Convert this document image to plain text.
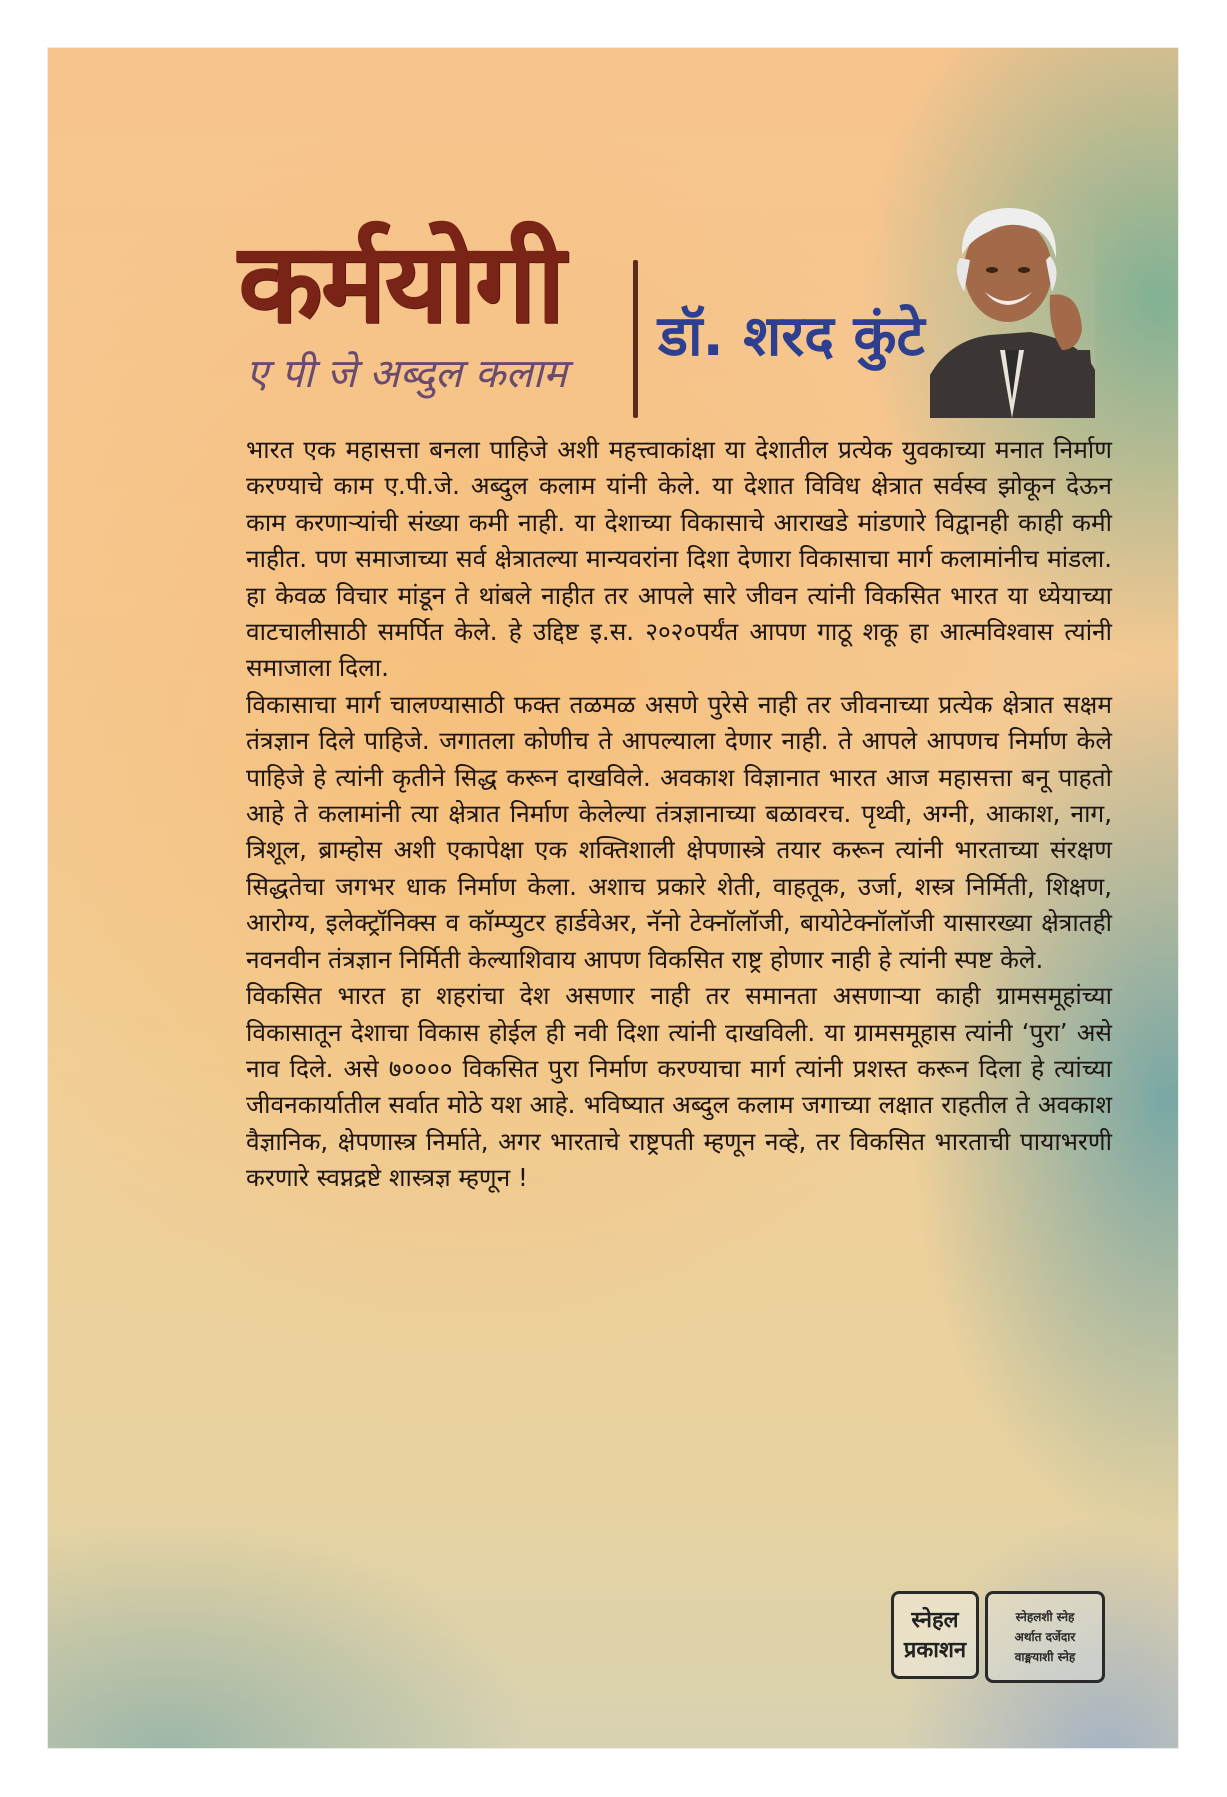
कर्मयोगी
ए पी जे अब्दुल कलाम
डॉ. शरद कुंटे

भारत एक महासत्ता बनला पाहिजे अशी महत्त्वाकांक्षा या देशातील प्रत्येक युवकाच्या मनात निर्माण करण्याचे काम ए.पी.जे. अब्दुल कलाम यांनी केले. या देशात विविध क्षेत्रात सर्वस्व झोकून देऊन काम करणाऱ्यांची संख्या कमी नाही. या देशाच्या विकासाचे आराखडे मांडणारे विद्वानही काही कमी नाहीत. पण समाजाच्या सर्व क्षेत्रातल्या मान्यवरांना दिशा देणारा विकासाचा मार्ग कलामांनीच मांडला. हा केवळ विचार मांडून ते थांबले नाहीत तर आपले सारे जीवन त्यांनी विकसित भारत या ध्येयाच्या वाटचालीसाठी समर्पित केले. हे उद्दिष्ट इ.स. २०२०पर्यंत आपण गाठू शकू हा आत्मविश्वास त्यांनी समाजाला दिला.

विकासाचा मार्ग चालण्यासाठी फक्त तळमळ असणे पुरेसे नाही तर जीवनाच्या प्रत्येक क्षेत्रात सक्षम तंत्रज्ञान दिले पाहिजे. जगातला कोणीच ते आपल्याला देणार नाही. ते आपले आपणच निर्माण केले पाहिजे हे त्यांनी कृतीने सिद्ध करून दाखविले. अवकाश विज्ञानात भारत आज महासत्ता बनू पाहतो आहे ते कलामांनी त्या क्षेत्रात निर्माण केलेल्या तंत्रज्ञानाच्या बळावरच. पृथ्वी, अग्नी, आकाश, नाग, त्रिशूल, ब्राम्होस अशी एकापेक्षा एक शक्तिशाली क्षेपणास्त्रे तयार करून त्यांनी भारताच्या संरक्षण सिद्धतेचा जगभर धाक निर्माण केला. अशाच प्रकारे शेती, वाहतूक, उर्जा, शस्त्र निर्मिती, शिक्षण, आरोग्य, इलेक्ट्रॉनिक्स व कॉम्प्युटर हार्डवेअर, नॅनो टेक्नॉलॉजी, बायोटेक्नॉलॉजी यासारख्या क्षेत्रातही नवनवीन तंत्रज्ञान निर्मिती केल्याशिवाय आपण विकसित राष्ट्र होणार नाही हे त्यांनी स्पष्ट केले.

विकसित भारत हा शहरांचा देश असणार नाही तर समानता असणाऱ्या काही ग्रामसमूहांच्या विकासातून देशाचा विकास होईल ही नवी दिशा त्यांनी दाखविली. या ग्रामसमूहास त्यांनी ‘पुरा’ असे नाव दिले. असे ७०००० विकसित पुरा निर्माण करण्याचा मार्ग त्यांनी प्रशस्त करून दिला हे त्यांच्या जीवनकार्यातील सर्वात मोठे यश आहे. भविष्यात अब्दुल कलाम जगाच्या लक्षात राहतील ते अवकाश वैज्ञानिक, क्षेपणास्त्र निर्माते, अगर भारताचे राष्ट्रपती म्हणून नव्हे, तर विकसित भारताची पायाभरणी करणारे स्वप्नद्रष्टे शास्त्रज्ञ म्हणून !

स्नेहल
प्रकाशन
स्नेहलशी स्नेह
अर्थात दर्जेदार
वाङ्मयाशी स्नेह
